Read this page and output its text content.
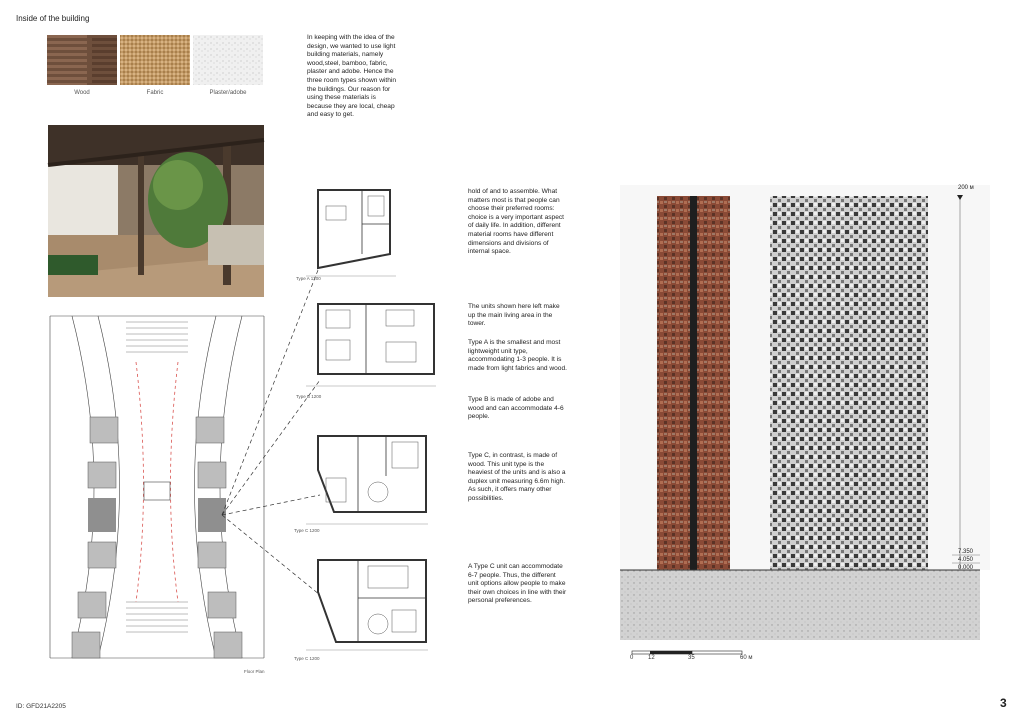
Inside of the building
Wood	Fabric	Plaster/adobe
In keeping with the idea of the design, we wanted to use light building materials, namely wood,steel, bamboo, fabric, plaster and adobe. Hence the three room types shown within the buildings. Our reason for using these materials is because they are local, cheap and easy to get.
Floor Plan
Type A 1200
Type B 1200
Type C 1200
Type C 1200
hold of and to assemble. What matters most is that people can choose their preferred rooms: choice is a very important aspect of daily life. In addition, different material rooms have different dimensions and divisions of internal space.
The units shown here left make up the main living area in the tower.
Type A is the smallest and most lightweight unit type, accommodating 1-3 people. It is made from light fabrics and wood.
Type B is made of adobe and wood and can accommodate 4-6 people.
Type C, in contrast, is made of wood. This unit type is the heaviest of the units and is also a duplex unit measuring 6.6m high. As such, it offers many other possibilities.
A Type C unit can accommodate 6-7 people. Thus, the different unit options allow people to make their own choices in line with their personal preferences.
200 м
7.350
4.050
0.000
0 12	35	60 м
ID: GFD21A2205	3
